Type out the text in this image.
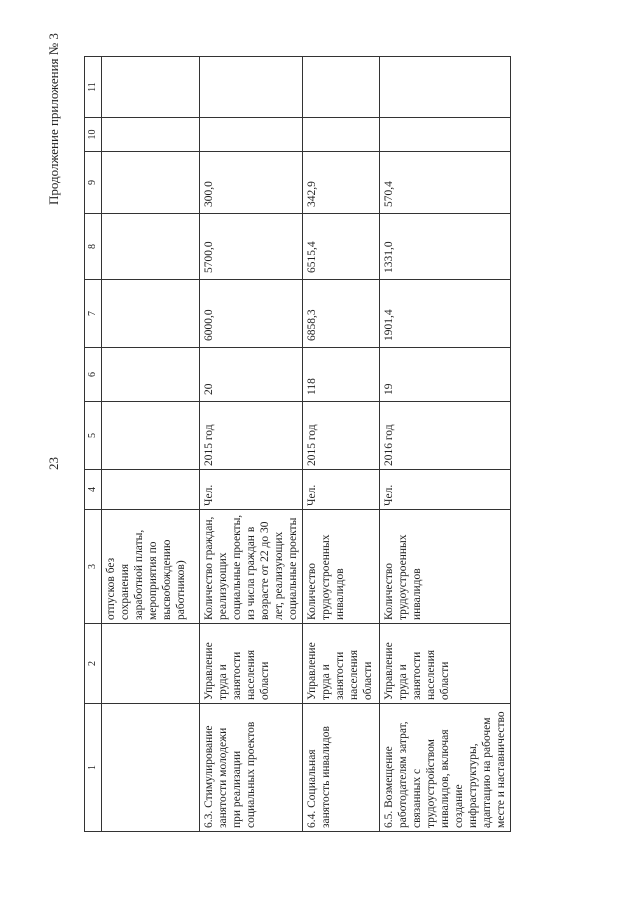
23
Продолжение приложения № 3
1	2	3	4	5	6	7	8	9	10	11
		отпусков без сохранения заработной платы, мероприятия по высвобождению работников)								
6.3. Стимулирование занятости молодежи при реализации социальных проектов	Управление труда и занятости населения области	Количество граждан, реализующих социальные проекты, из числа граждан в возрасте от 22 до 30 лет, реализующих социальные проекты	Чел.	2015 год	20	6000,0	5700,0	300,0		
6.4. Социальная занятость инвалидов	Управление труда и занятости населения области	Количество трудоустроенных инвалидов	Чел.	2015 год	118	6858,3	6515,4	342,9		
6.5. Возмещение работодателям затрат, связанных с трудоустройством инвалидов, включая создание инфраструктуры, адаптацию на рабочем месте и наставничество	Управление труда и занятости населения области	Количество трудоустроенных инвалидов	Чел.	2016 год	19	1901,4	1331,0	570,4		
